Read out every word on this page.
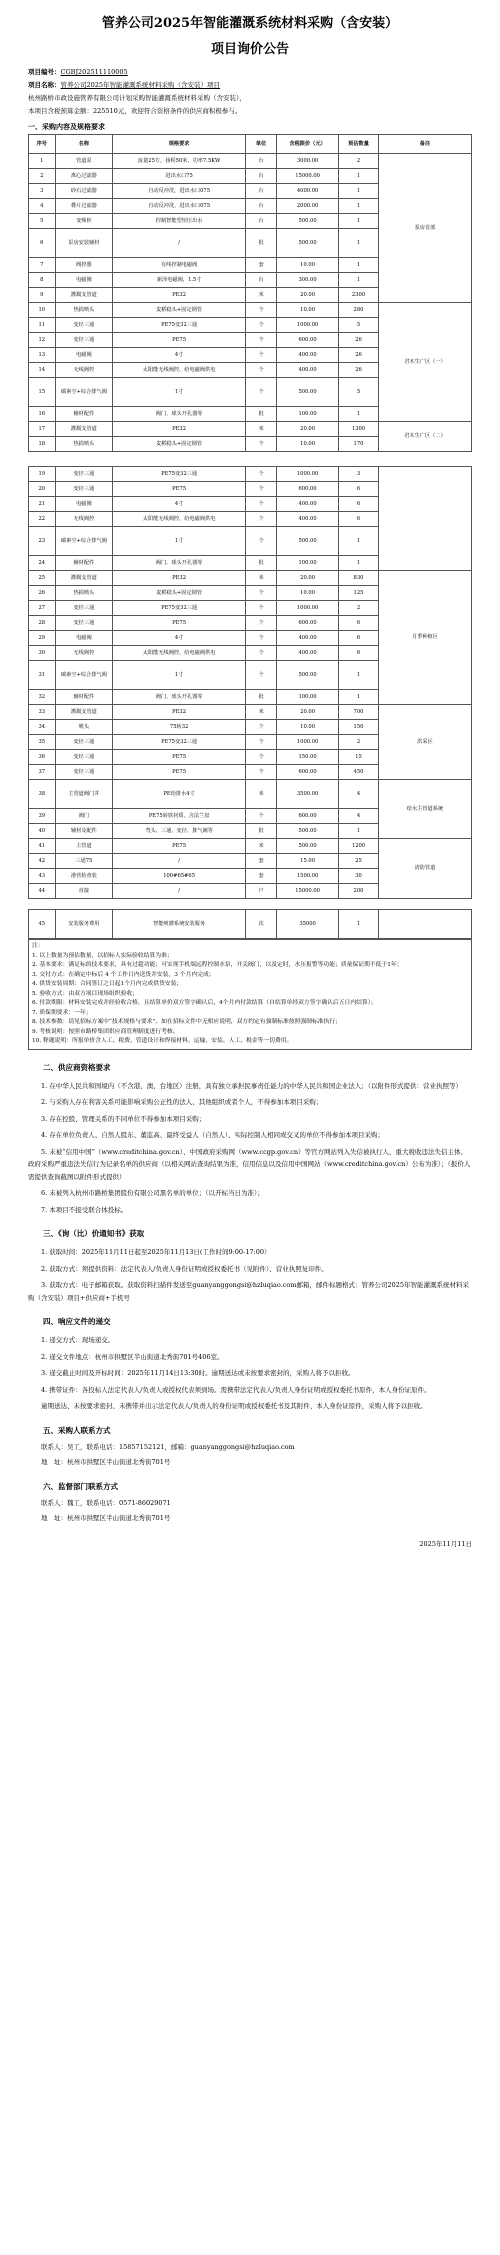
管养公司2025年智能灌溉系统材料采购（含安装）
项目询价公告
项目编号：CGBJ202511110005
项目名称：管养公司2025年智能灌溉系统材料采购（含安装）项目
杭州路桥市政设施管养有限公司计划采购智能灌溉系统材料采购（含安装），
本项目含税预算金额：225510元，欢迎符合资格条件的供应商积极参与。
一、采购内容及规格要求
序号	名称	规格要求	单位	含税限价（元）	预估数量	备注
1	管道泵	流量25方，扬程50米，功率7.5KW	台	3000.00	2	泵房首部
2	离心过滤器	进出水口75	台	15000.00	1	
3	砂石过滤器	自动反冲洗，进出水口075	台	4000.00	1	
4	叠片过滤器	自动反冲洗，进出水口075	台	2000.00	1	
5	变频柜	控制智能型恒压出水	台	500.00	1	
6	泵房安装辅材	/	批	500.00	1	
7	阀控器	有线控制电磁阀	套	10.00	1	
8	电磁阀	新泽电磁阀，1.5寸	台	300.00	1	
9	灌溉支管道	PE32	米	20.00	2300	
10	热损喷头	麦稻稳头+固定钢管	个	10.00	280	君木生广区（一）
11	变径三通	PE75变32三通	个	1000.00	5	
12	变径三通	PE75	个	600.00	26	
13	电磁阀	4寸	个	400.00	26	
14	无线阀控	太阳能无线阀控，给电磁阀供电	个	400.00	26	
15	碳素空+综合排气阀	1寸	个	500.00	5	
16	辅材配件	阀门、球头开孔器等	批	100.00	1	
17	灌溉支管道	PE32	米	20.00	1300	君木生广区（二）
18	热损喷头	麦稻稳头+固定钢管	个	10.00	170	
19	变径三通	PE75变32三通	个	1000.00	3	
20	变径三通	PE75	个	600.00	6	
21	电磁阀	4寸	个	400.00	6	
22	无线阀控	太阳能无线阀控，给电磁阀供电	个	400.00	6	
23	碳素空+综合排气阀	1寸	个	500.00	1	
24	辅材配件	阀门、球头开孔器等	批	100.00	1	
25	灌溉支管道	PE32	米	20.00	830	月季种植区
26	热损喷头	麦稻稳头+固定钢管	个	10.00	125	
27	变径三通	PE75变32三通	个	1000.00	2	
28	变径三通	PE75	个	600.00	6	
29	电磁阀	4寸	个	400.00	6	
30	无线阀控	太阳能无线阀控，给电磁阀供电	个	400.00	6	
31	碳素空+综合排气阀	1寸	个	500.00	1	
32	辅材配件	阀门、球头开孔器等	批	100.00	1	
33	灌溉支管道	PE32	米	20.00	700	洪采区
34	喷头	75转32	个	10.00	150	
35	变径三通	PE75变32三通	个	1000.00	2	
36	变径三通	PE75	个	150.00	15	
37	变径三通	PE75	个	600.00	450	
38	主管道阀门井	PE给排水4寸	米	3500.00	4	给水主管道系统
39	阀门	PE75转铁材质，含法兰盘	个	600.00	4	
40	辅材及配件	弯头、三通、变径、排气阀等	批	500.00	1	
41	主管道	PE75	米	500.00	1200	清防管道
42	三通75	/	套	15.00	25	
43	港营检查装	100#65#65	套	1500.00	30	
44	直接	/	户	15000.00	200	
45	安装服务费用	智能喷灌系统安装服务	次	35000	1	
注：
1. 以上数量为预估数量，以招标人实际验收结算为准；
2. 基本要求：满足标的技术要求，具有过超功能；可实现手机端远程控制水泵，开关阀门，以及定时，水压报警等功能；质量保证期不低于1年；
3. 交付方式：在确定中标后 4 个工作日内送货并安装，3 个月内完成；
4. 供货安装周期：合同签订之日起1个月内完成供货安装；
5. 验收方式：由双方项目现场组织验收；
6. 付款期限：材料安装完成并经验收合格，且结算单价双方签字确认后，4个月内付款结算（自结算单经双方签字确认后五日内结算）；
7. 质保期要求：一年；
8. 技术参数：请见招标方案中“技术规格与要求”。如在招标文件中无相应说明，双方约定有强制标准按照强制标准执行；
9. 考核说明：按照市路桥集团供应商管理制度进行考核。
10. 释题说明：所报单价含人工、税费、管道设计和焊接材料、运输、安装、人工、税金等一切费用。
二、供应商资格要求
1. 在中华人民共和国境内（不含港、澳、台地区）注册，具有独立承担民事责任能力的中华人民共和国企业法人；（以附件形式提供：营业执照等）
2. 与采购人存在利害关系可能影响采购公正性的法人、其他组织或者个人，不得参加本项目采购；
3. 存在控股、管理关系的不同单位不得参加本项目采购；
4. 存在单位负责人、自然人股东、董监高、最终受益人（自然人）、实际控制人相同或交叉的单位不得参加本项目采购；
5. 未被“信用中国”（www.creditchina.gov.cn）、中国政府采购网（www.ccgp.gov.cn）等官方网站列入失信被执行人、重大税收违法失信主体、政府采购严重违法失信行为记录名单的供应商（以相关网站查询结果为准，信用信息以及信用中国网站（www.creditchina.gov.cn）公布为准）；（报价人需提供查询截图以附件形式提供）
6. 未被列入杭州市路桥集团股份有限公司黑名单的单位；（以开标当日为准）；
7. 本项目不接受联合体投标。
三、《询（比）价通知书》获取
1. 获取时间：2025年11月11日起至2025年11月13日(工作时间9:00-17:00）
2. 获取方式：须提供资料：法定代表人/负责人身份证明或授权委托书（见附件）、营业执照复印件。
3. 获取方式：电子邮箱获取。获取资料扫描件发送至guanyanggongsi@hzluqiao.com邮箱，邮件标题格式：管养公司2025年智能灌溉系统材料采购（含安装）项目+供应商+手机号
四、响应文件的递交
1. 递交方式：现场递交。
2. 递交文件地点：杭州市拱墅区半山街道北秀街701号406室。
3. 递交截止时间及开标时间：2025年11月14日13:30时。逾期送达或未按要求密封的，采购人将予以拒收。
4. 携带证件：各投标人法定代表人/负责人或授权代表须到场。需携带法定代表人/负责人身份证明或授权委托书原件，本人身份证原件。
逾期送达、未按要求密封、未携带并出示法定代表人/负责人的身份证明或授权委托书及其附件、本人身份证原件，采购人将予以拒收。
五、采购人联系方式
联系人：吴工，联系电话：15857152121，邮箱：guanyanggongsi@hzluqiao.com
地　址：杭州市拱墅区半山街道北秀街701号
六、监督部门联系方式
联系人：魏工，联系电话：0571-86029071
地　址：杭州市拱墅区半山街道北秀街701号
2025年11月11日
